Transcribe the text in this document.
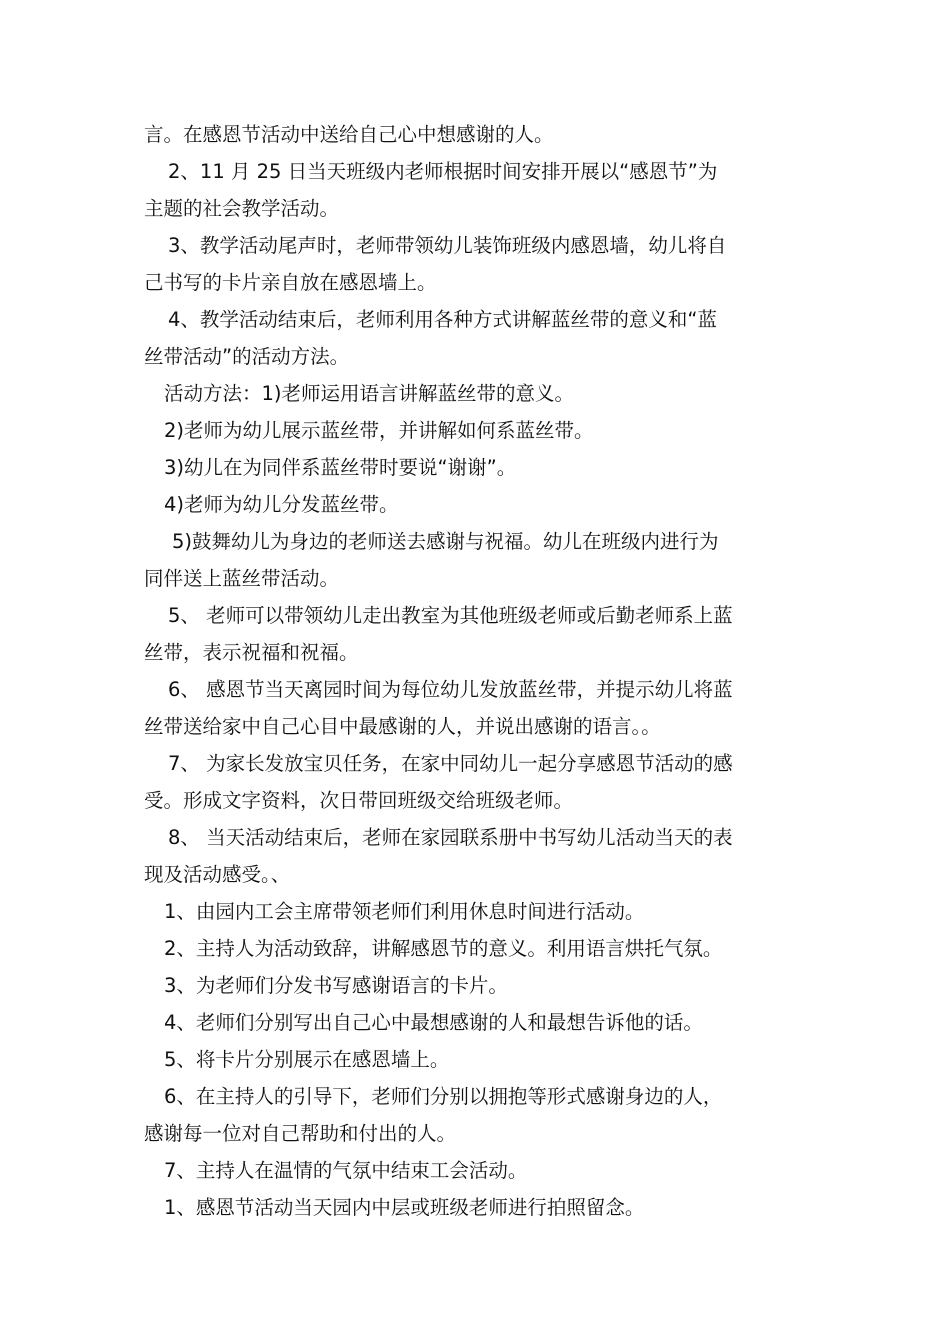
言。在感恩节活动中送给自己心中想感谢的人。
2、11 月 25 日当天班级内老师根据时间安排开展以“感恩节”为
主题的社会教学活动。
3、教学活动尾声时，老师带领幼儿装饰班级内感恩墙，幼儿将自
己书写的卡片亲自放在感恩墙上。
4、教学活动结束后，老师利用各种方式讲解蓝丝带的意义和“蓝
丝带活动”的活动方法。
活动方法：1)老师运用语言讲解蓝丝带的意义。
2)老师为幼儿展示蓝丝带，并讲解如何系蓝丝带。
3)幼儿在为同伴系蓝丝带时要说“谢谢”。
4)老师为幼儿分发蓝丝带。
5)鼓舞幼儿为身边的老师送去感谢与祝福。幼儿在班级内进行为
同伴送上蓝丝带活动。
5、 老师可以带领幼儿走出教室为其他班级老师或后勤老师系上蓝
丝带，表示祝福和祝福。
6、 感恩节当天离园时间为每位幼儿发放蓝丝带，并提示幼儿将蓝
丝带送给家中自己心目中最感谢的人，并说出感谢的语言。。
7、 为家长发放宝贝任务，在家中同幼儿一起分享感恩节活动的感
受。形成文字资料，次日带回班级交给班级老师。
8、 当天活动结束后，老师在家园联系册中书写幼儿活动当天的表
现及活动感受。、
1、由园内工会主席带领老师们利用休息时间进行活动。
2、主持人为活动致辞，讲解感恩节的意义。利用语言烘托气氛。
3、为老师们分发书写感谢语言的卡片。
4、老师们分别写出自己心中最想感谢的人和最想告诉他的话。
5、将卡片分别展示在感恩墙上。
6、在主持人的引导下，老师们分别以拥抱等形式感谢身边的人，
感谢每一位对自己帮助和付出的人。
7、主持人在温情的气氛中结束工会活动。
1、感恩节活动当天园内中层或班级老师进行拍照留念。
